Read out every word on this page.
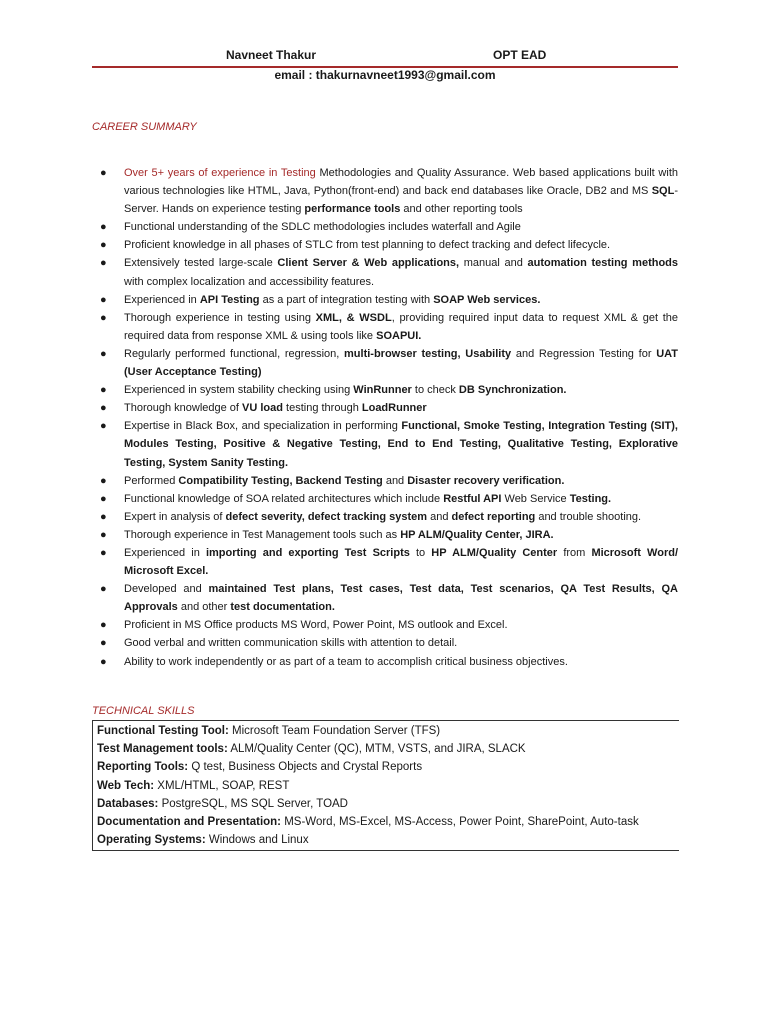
Navneet Thakur	OPT EAD
email : thakurnavneet1993@gmail.com
CAREER SUMMARY
● Over 5+ years of experience in Testing Methodologies and Quality Assurance. Web based applications built with various technologies like HTML, Java, Python(front-end) and back end databases like Oracle, DB2 and MS SQL-Server. Hands on experience testing performance tools and other reporting tools
● Functional understanding of the SDLC methodologies includes waterfall and Agile
● Proficient knowledge in all phases of STLC from test planning to defect tracking and defect lifecycle.
● Extensively tested large-scale Client Server & Web applications, manual and automation testing methods with complex localization and accessibility features.
● Experienced in API Testing as a part of integration testing with SOAP Web services.
● Thorough experience in testing using XML, & WSDL, providing required input data to request XML & get the required data from response XML & using tools like SOAPUI.
● Regularly performed functional, regression, multi-browser testing, Usability and Regression Testing for UAT (User Acceptance Testing)
● Experienced in system stability checking using WinRunner to check DB Synchronization.
● Thorough knowledge of VU load testing through LoadRunner
● Expertise in Black Box, and specialization in performing Functional, Smoke Testing, Integration Testing (SIT), Modules Testing, Positive & Negative Testing, End to End Testing, Qualitative Testing, Explorative Testing, System Sanity Testing.
● Performed Compatibility Testing, Backend Testing and Disaster recovery verification.
● Functional knowledge of SOA related architectures which include Restful API Web Service Testing.
● Expert in analysis of defect severity, defect tracking system and defect reporting and trouble shooting.
● Thorough experience in Test Management tools such as HP ALM/Quality Center, JIRA.
● Experienced in importing and exporting Test Scripts to HP ALM/Quality Center from Microsoft Word/ Microsoft Excel.
● Developed and maintained Test plans, Test cases, Test data, Test scenarios, QA Test Results, QA Approvals and other test documentation.
● Proficient in MS Office products MS Word, Power Point, MS outlook and Excel.
● Good verbal and written communication skills with attention to detail.
● Ability to work independently or as part of a team to accomplish critical business objectives.
TECHNICAL SKILLS
Functional Testing Tool: Microsoft Team Foundation Server (TFS)
Test Management tools: ALM/Quality Center (QC), MTM, VSTS, and JIRA, SLACK
Reporting Tools: Q test, Business Objects and Crystal Reports
Web Tech: XML/HTML, SOAP, REST
Databases: PostgreSQL, MS SQL Server, TOAD
Documentation and Presentation: MS-Word, MS-Excel, MS-Access, Power Point, SharePoint, Auto-task
Operating Systems: Windows and Linux
